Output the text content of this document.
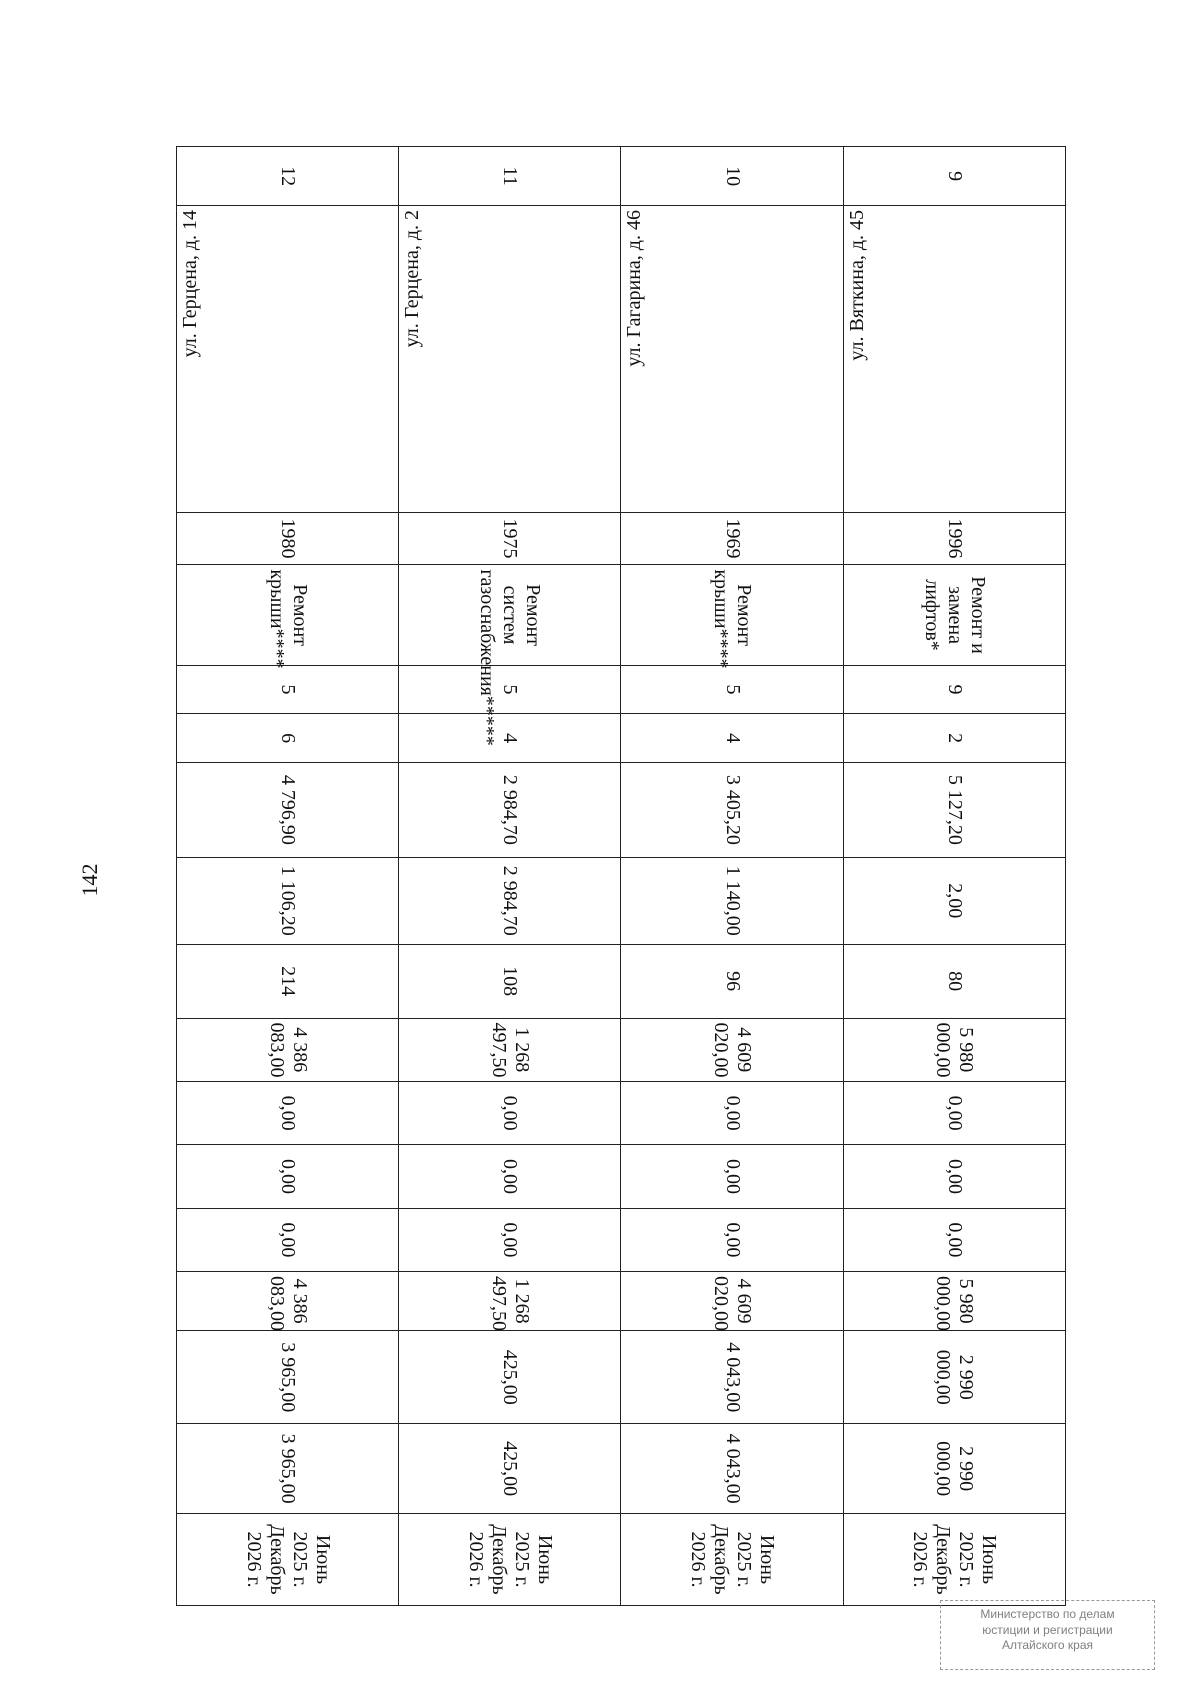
142
9	ул. Вяткина, д. 45	1996	Ремонт и замена лифтов*	9	2	5 127,20	2,00	80	5 980 000,00	0,00	0,00	0,00	5 980 000,00	2 990 000,00	2 990 000,00	Июнь 2025 г. Декабрь 2026 г.
10	ул. Гагарина, д. 46	1969	Ремонт крыши****	5	4	3 405,20	1 140,00	96	4 609 020,00	0,00	0,00	0,00	4 609 020,00	4 043,00	4 043,00	Июнь 2025 г. Декабрь 2026 г.
11	ул. Герцена, д. 2	1975	Ремонт систем газоснабжения*****	5	4	2 984,70	2 984,70	108	1 268 497,50	0,00	0,00	0,00	1 268 497,50	425,00	425,00	Июнь 2025 г. Декабрь 2026 г.
12	ул. Герцена, д. 14	1980	Ремонт крыши****	5	6	4 796,90	1 106,20	214	4 386 083,00	0,00	0,00	0,00	4 386 083,00	3 965,00	3 965,00	Июнь 2025 г. Декабрь 2026 г.
Министерство по делам
юстиции и регистрации
Алтайского края
